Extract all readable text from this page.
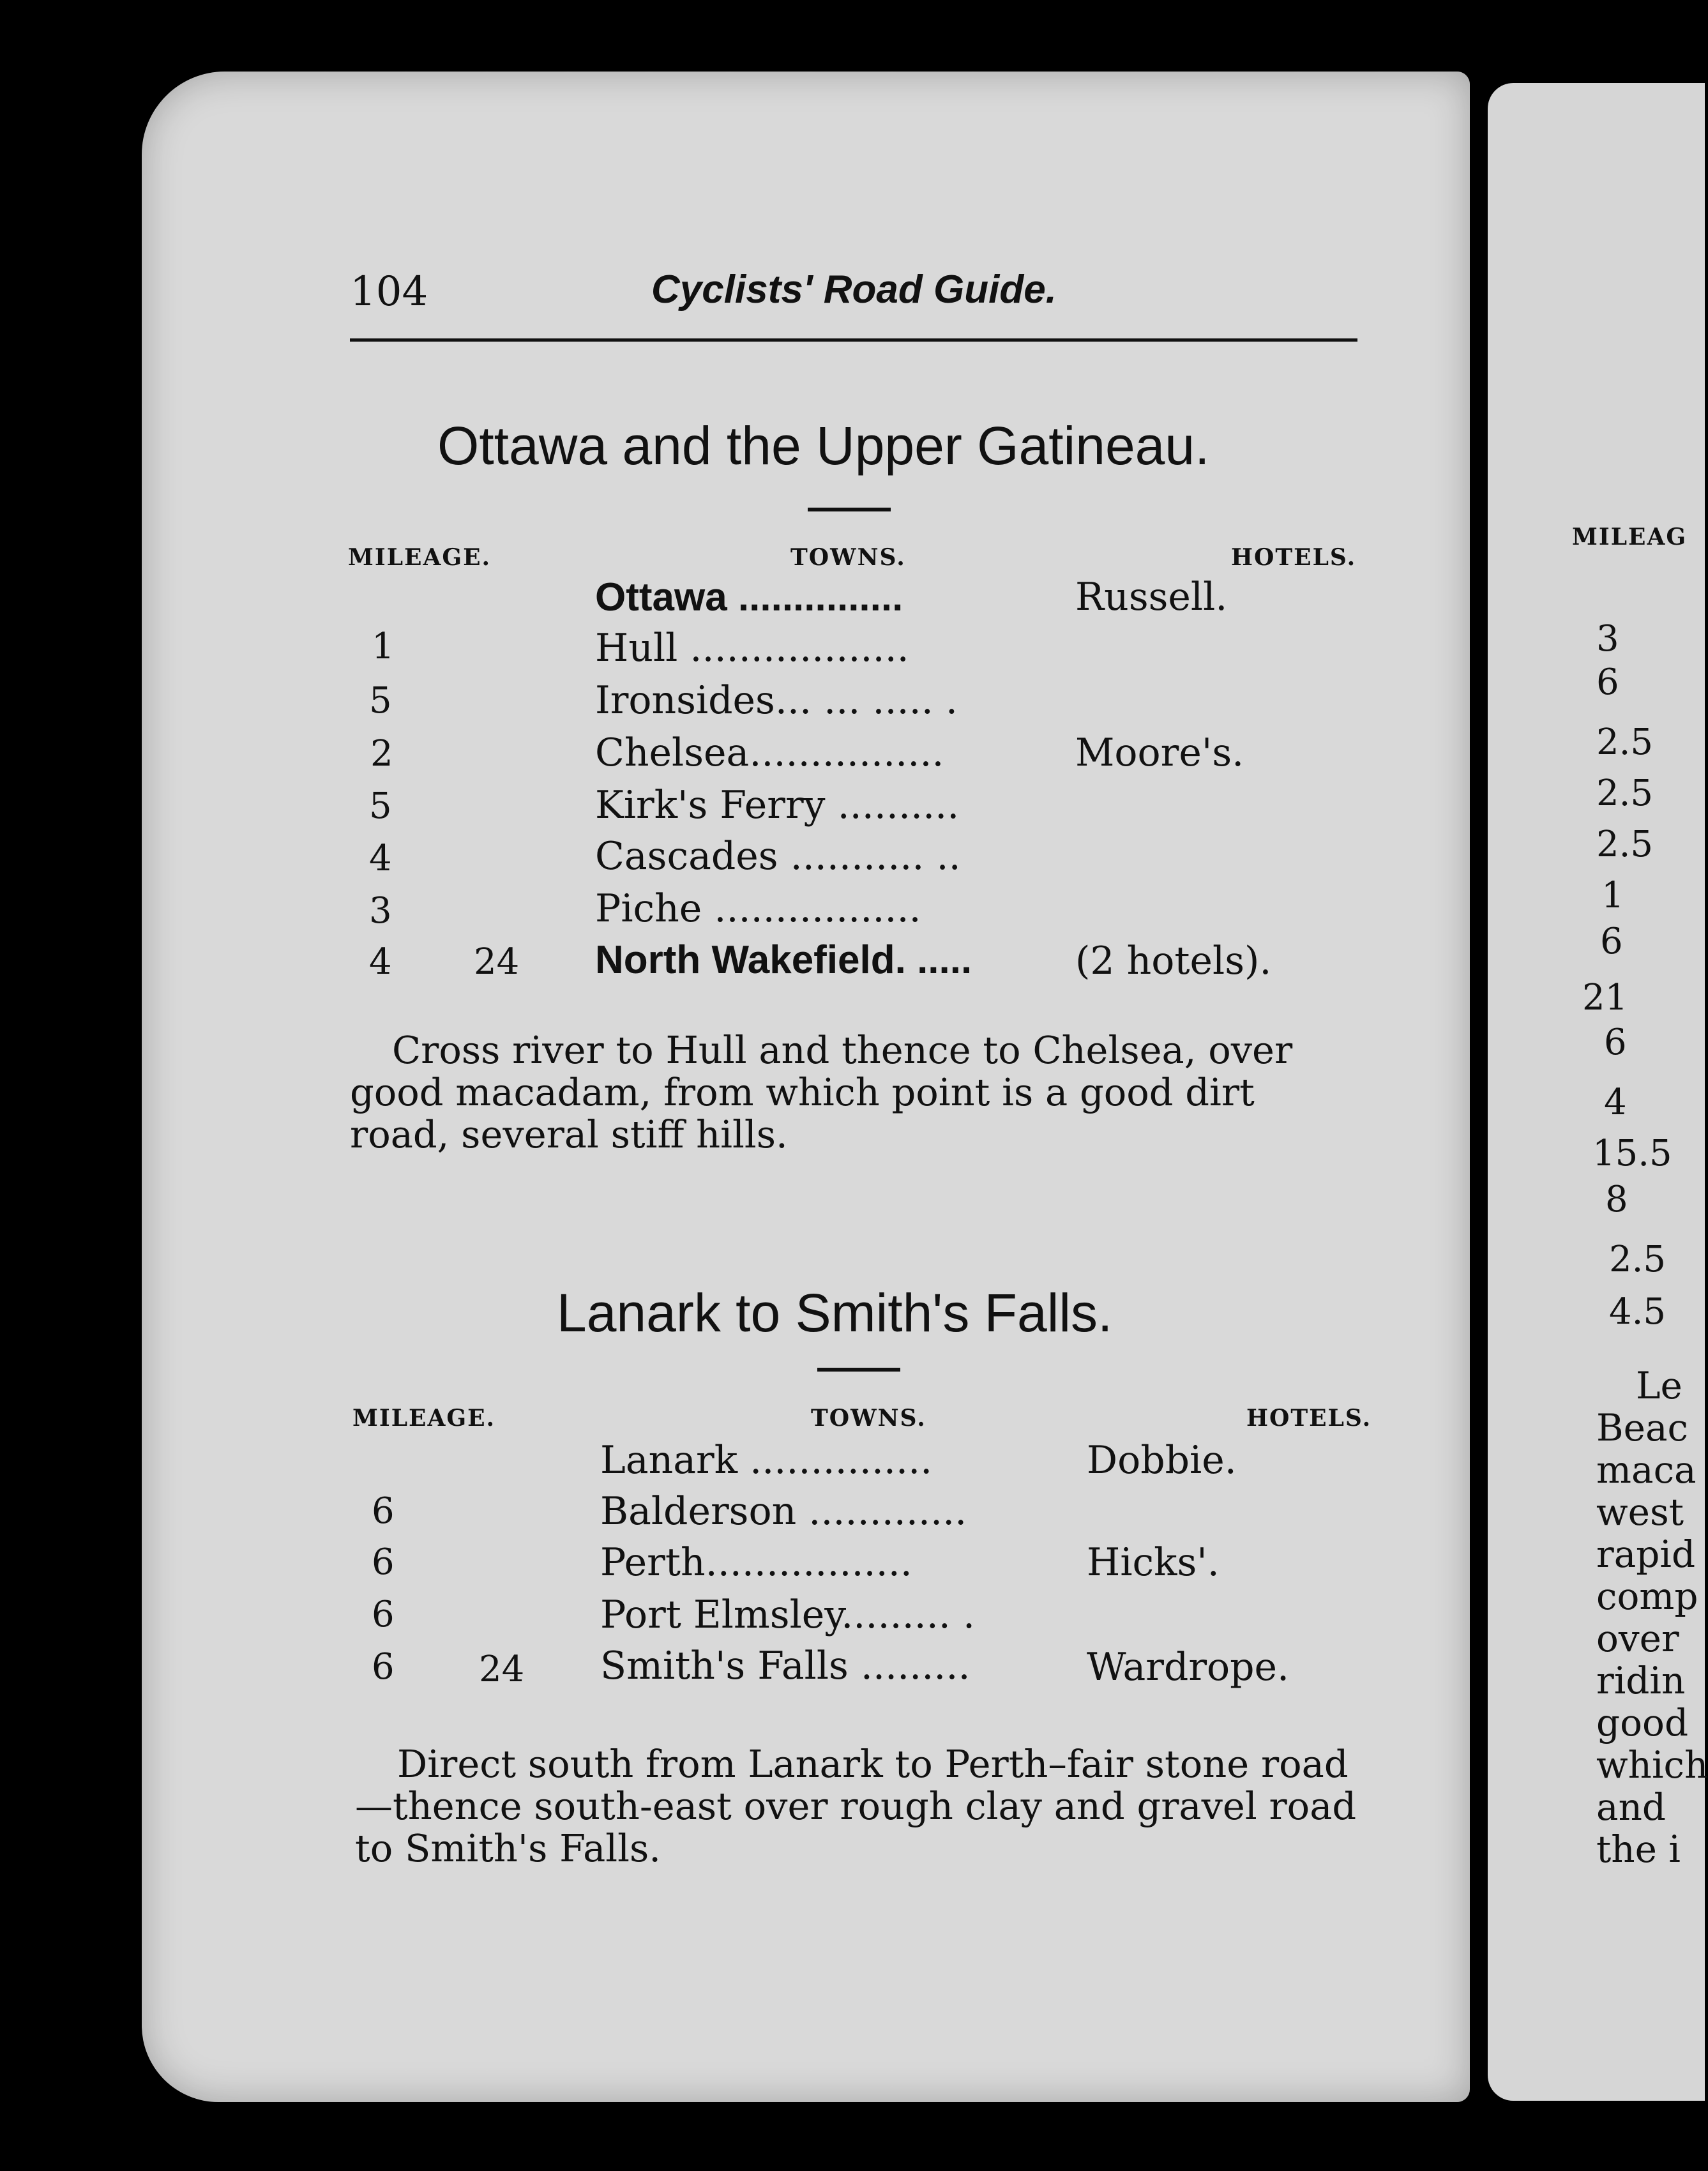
104	Cyclists' Road Guide.
Ottawa and the Upper Gatineau.
MILEAGE.	TOWNS.	HOTELS.
Ottawa ...............	Russell.
1	Hull ..................
5	Ironsides... ... ..... .
2	Chelsea................	Moore's.
5	Kirk's Ferry ..........
4	Cascades ........... ..
3	Piche .................
4 24 North Wakefield. .....	(2 hotels).
Cross river to Hull and thence to Chelsea, over good macadam, from which point is a good dirt road, several stiff hills.
Lanark to Smith's Falls.
MILEAGE.	TOWNS.	HOTELS.
Lanark ...............	Dobbie.
6	Balderson .............
6	Perth.................	Hicks'.
6	Port Elmsley......... .
6 24 Smith's Falls .........	Wardrope.
Direct south from Lanark to Perth–fair stone road —thence south-east over rough clay and gravel road to Smith's Falls.
MILEAG
3
6
2.5
2.5
2.5
1
6
21
6
4
15.5
8
2.5
4.5
Le
Beac
maca
west
rapid
comp
over
ridin
good
which
and
the i
